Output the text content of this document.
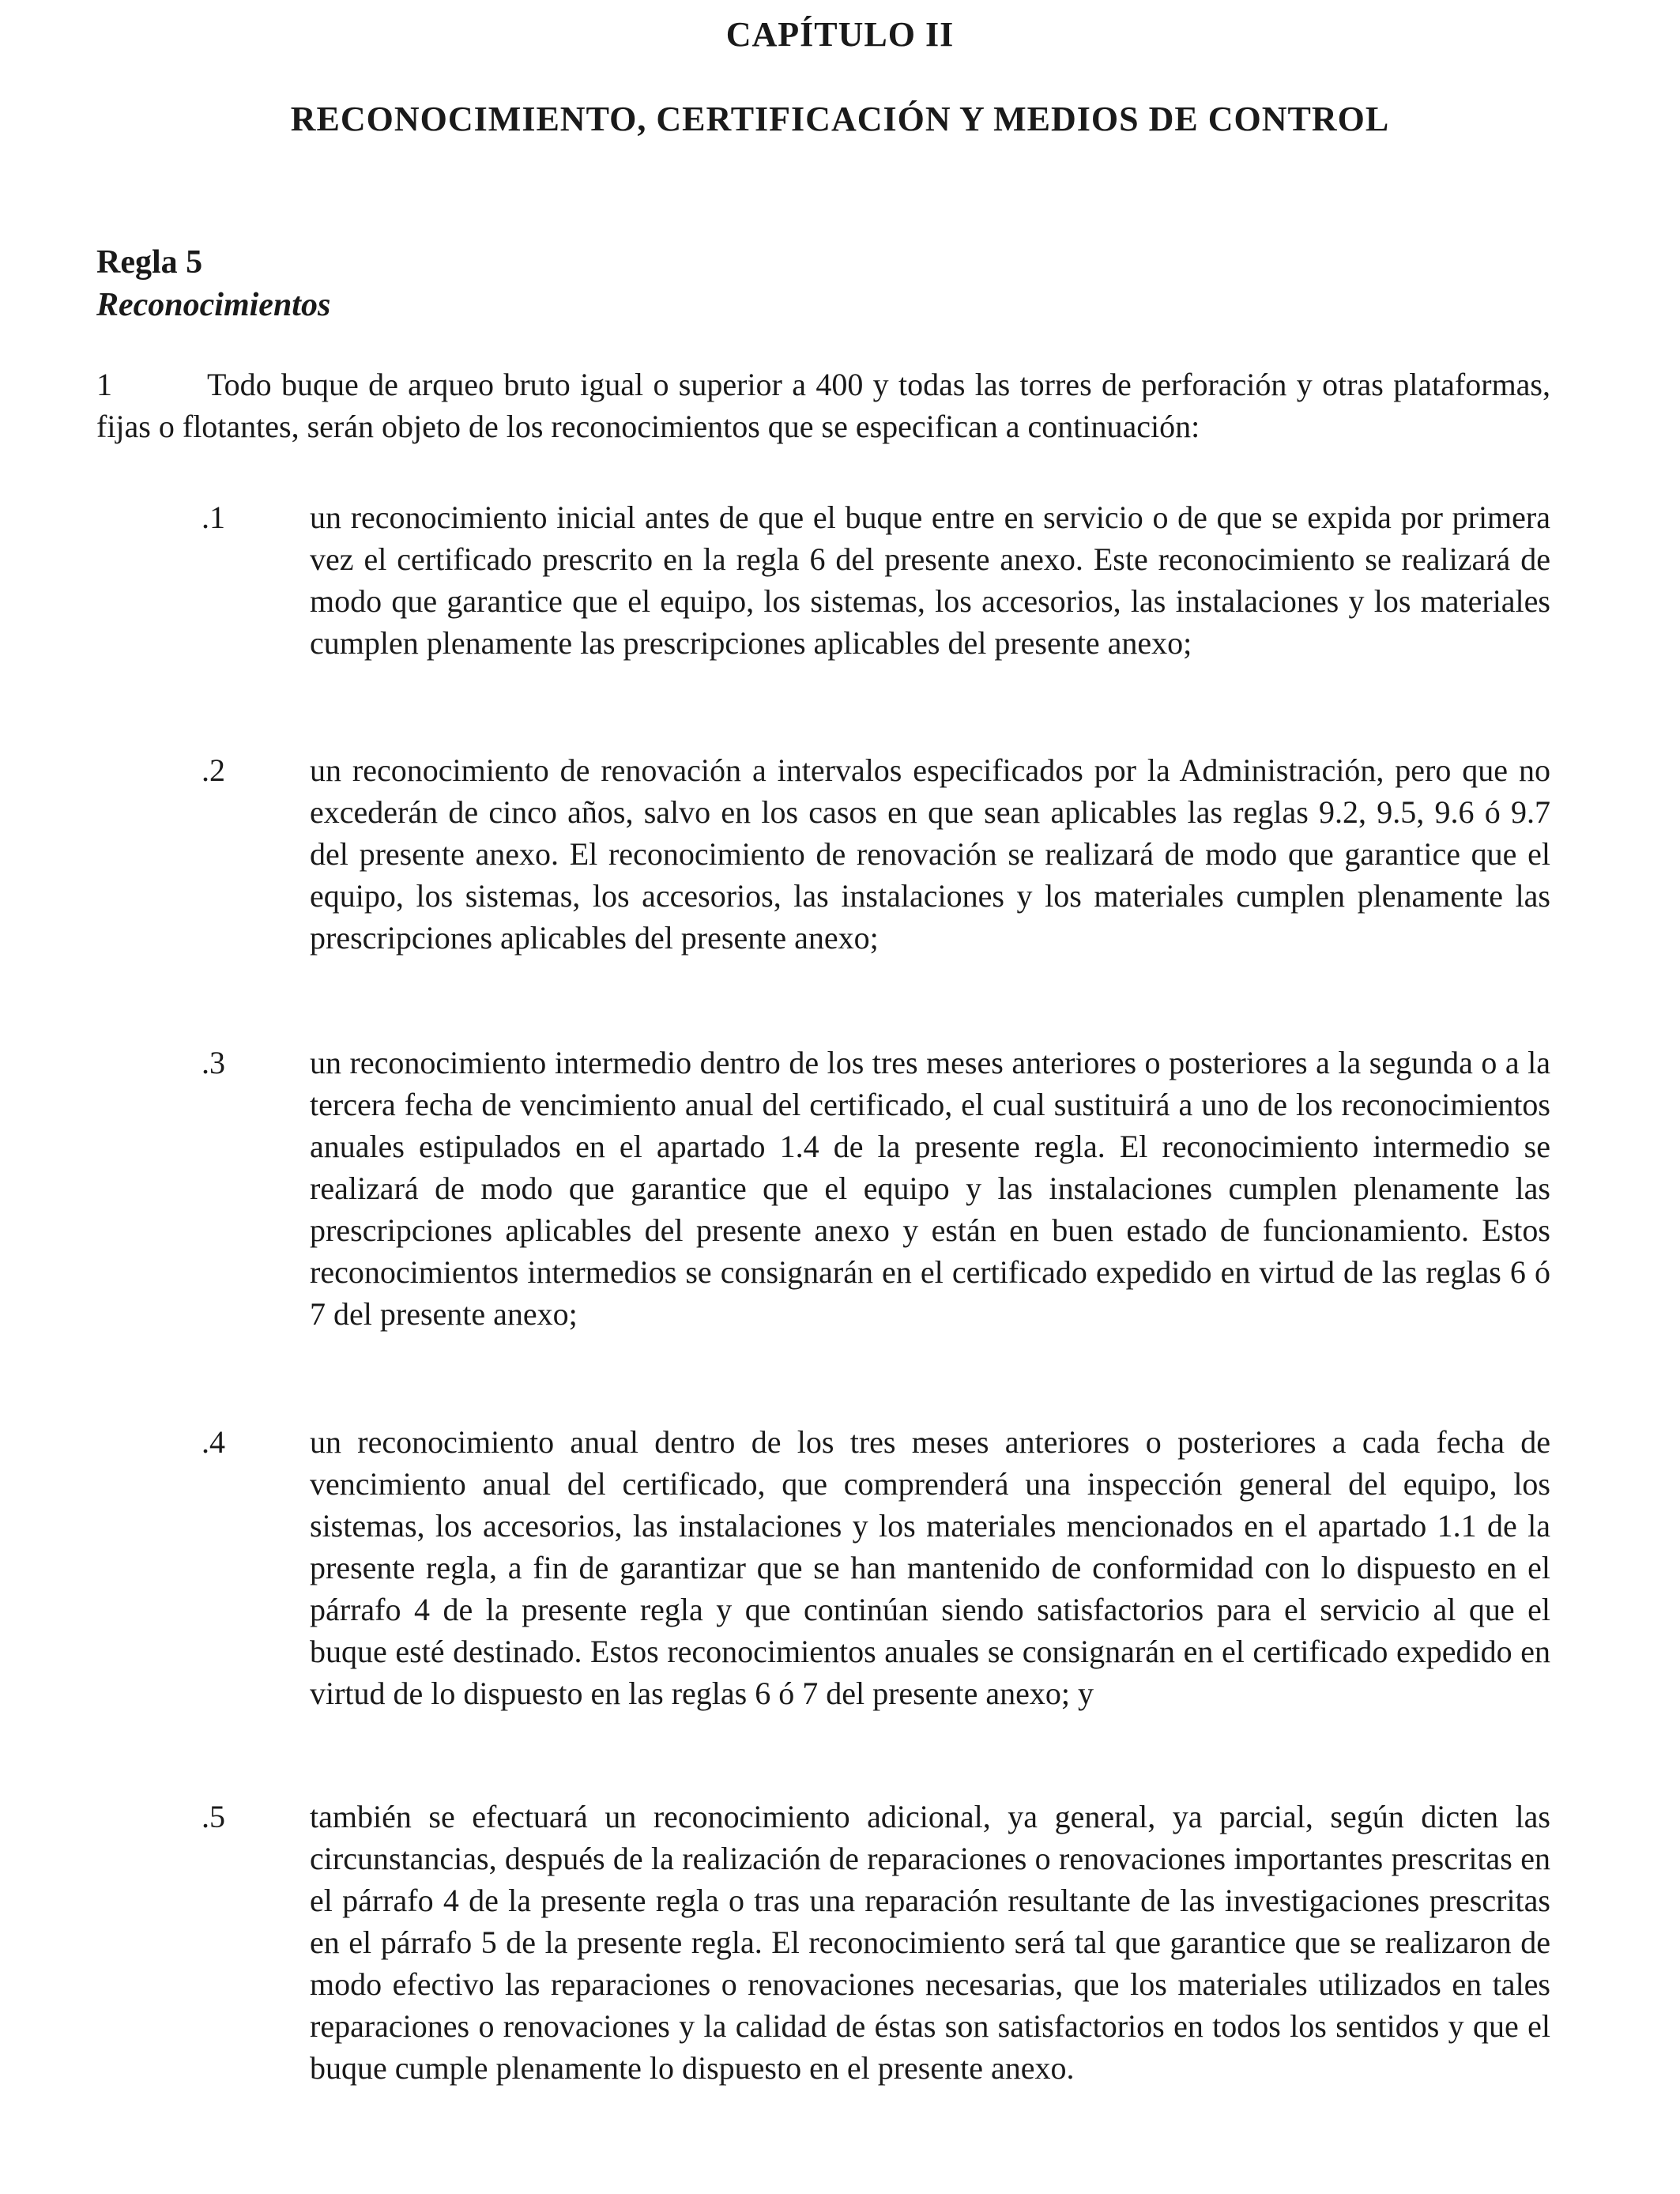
CAPÍTULO II
RECONOCIMIENTO, CERTIFICACIÓN Y MEDIOS DE CONTROL
Regla 5
Reconocimientos
1	Todo buque de arqueo bruto igual o superior a 400 y todas las torres de perforación y otras plataformas, fijas o flotantes, serán objeto de los reconocimientos que se especifican a continuación:
.1	un reconocimiento inicial antes de que el buque entre en servicio o de que se expida por primera vez el certificado prescrito en la regla 6 del presente anexo. Este reconocimiento se realizará de modo que garantice que el equipo, los sistemas, los accesorios, las instalaciones y los materiales cumplen plenamente las prescripciones aplicables del presente anexo;
.2	un reconocimiento de renovación a intervalos especificados por la Administración, pero que no excederán de cinco años, salvo en los casos en que sean aplicables las reglas 9.2, 9.5, 9.6 ó 9.7 del presente anexo. El reconocimiento de renovación se realizará de modo que garantice que el equipo, los sistemas, los accesorios, las instalaciones y los materiales cumplen plenamente las prescripciones aplicables del presente anexo;
.3	un reconocimiento intermedio dentro de los tres meses anteriores o posteriores a la segunda o a la tercera fecha de vencimiento anual del certificado, el cual sustituirá a uno de los reconocimientos anuales estipulados en el apartado 1.4 de la presente regla. El reconocimiento intermedio se realizará de modo que garantice que el equipo y las instalaciones cumplen plenamente las prescripciones aplicables del presente anexo y están en buen estado de funcionamiento. Estos reconocimientos intermedios se consignarán en el certificado expedido en virtud de las reglas 6 ó 7 del presente anexo;
.4	un reconocimiento anual dentro de los tres meses anteriores o posteriores a cada fecha de vencimiento anual del certificado, que comprenderá una inspección general del equipo, los sistemas, los accesorios, las instalaciones y los materiales mencionados en el apartado 1.1 de la presente regla, a fin de garantizar que se han mantenido de conformidad con lo dispuesto en el párrafo 4 de la presente regla y que continúan siendo satisfactorios para el servicio al que el buque esté destinado. Estos reconocimientos anuales se consignarán en el certificado expedido en virtud de lo dispuesto en las reglas 6 ó 7 del presente anexo; y
.5	también se efectuará un reconocimiento adicional, ya general, ya parcial, según dicten las circunstancias, después de la realización de reparaciones o renovaciones importantes prescritas en el párrafo 4 de la presente regla o tras una reparación resultante de las investigaciones prescritas en el párrafo 5 de la presente regla. El reconocimiento será tal que garantice que se realizaron de modo efectivo las reparaciones o renovaciones necesarias, que los materiales utilizados en tales reparaciones o renovaciones y la calidad de éstas son satisfactorios en todos los sentidos y que el buque cumple plenamente lo dispuesto en el presente anexo.
